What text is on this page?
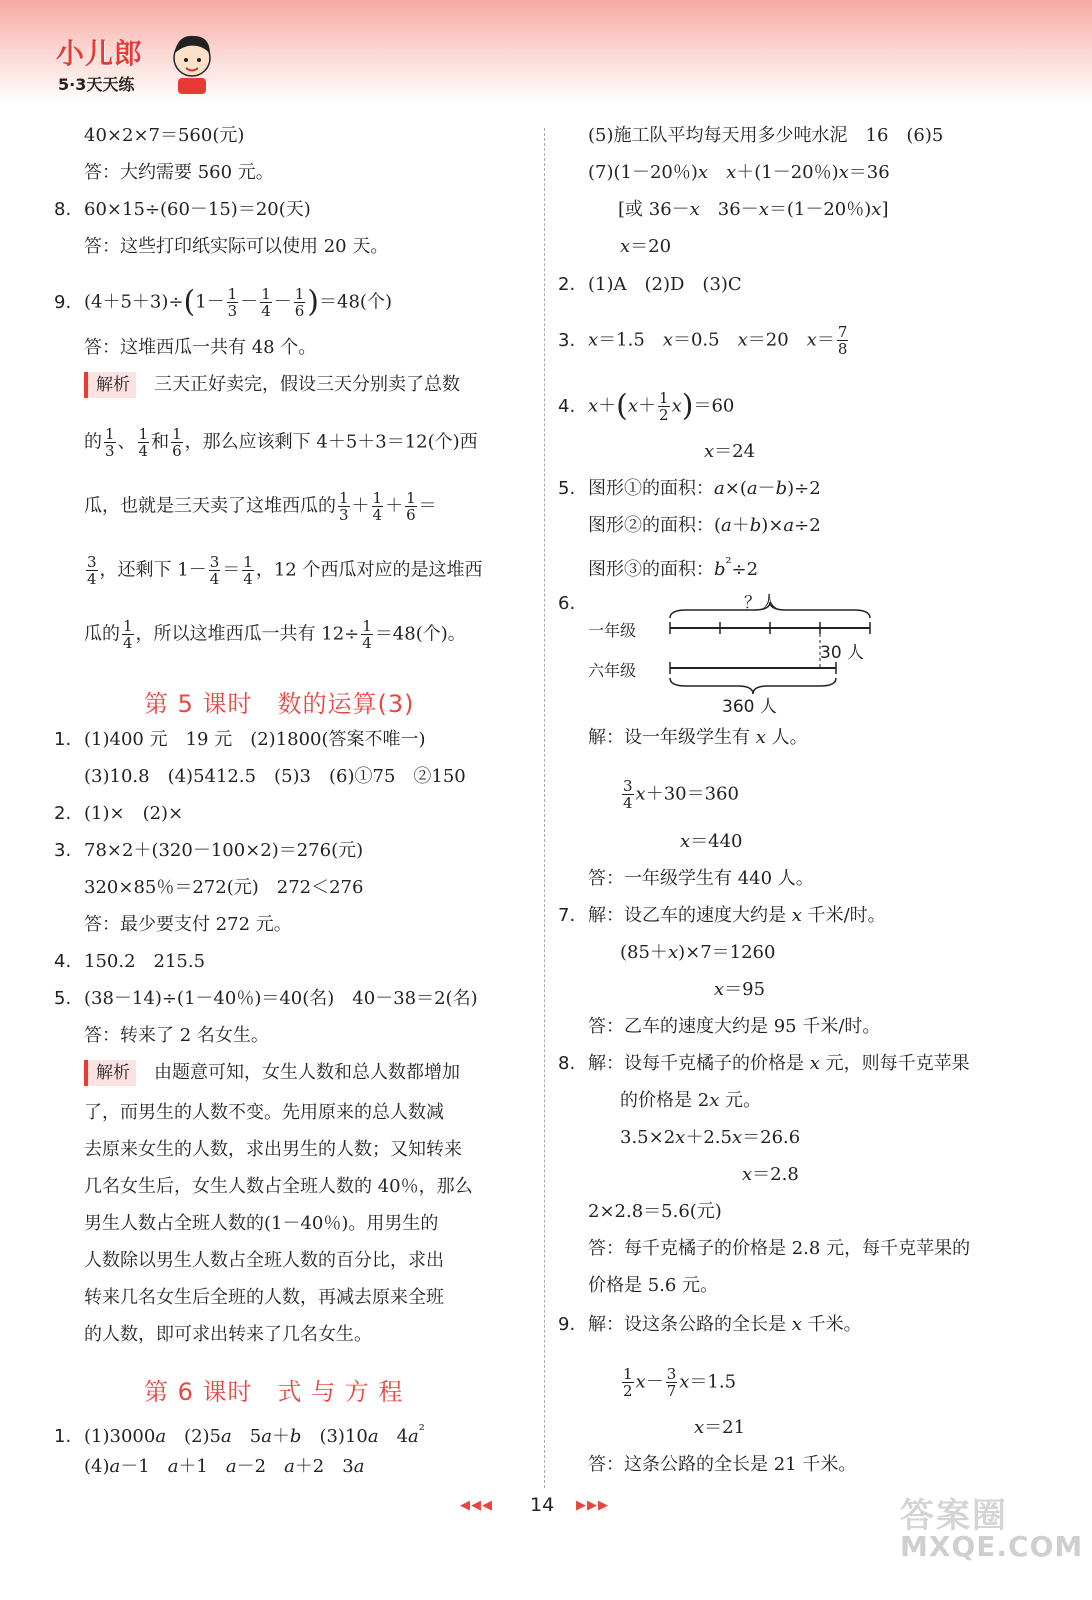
小儿郎
5·3天天练
40×2×7＝560(元)
答：大约需要 560 元。
8. 60×15÷(60－15)＝20(天)
答：这些打印纸实际可以使用 20 天。
9. $(4+5+3)\div(1- \frac{1}{3} - \frac{1}{4} - \frac{1}{6} )=48$(个)
答：这堆西瓜一共有 48 个。
解析 三天正好卖完，假设三天分别卖了总数
的 $\frac{1}{3}$ 、 $\frac{1}{4}$ 和 $\frac{1}{6}$ ，那么应该剩下 4＋5＋3＝12(个)西
瓜，也就是三天卖了这堆西瓜的 $\frac{1}{3} + \frac{1}{4} + \frac{1}{6}$ ＝
$\frac{3}{4}$ ，还剩下 $1- \frac{3}{4} = \frac{1}{4}$ ，12 个西瓜对应的是这堆西
瓜的 $\frac{1}{4}$ ，所以这堆西瓜一共有 $12\div \frac{1}{4} =48$(个)。
第 5 课时　数的运算(3)
1. (1)400 元　19 元　(2)1800(答案不唯一)
(3)10.8　(4)5412.5　(5)3　(6)①75　②150
2. (1)×　(2)×
3. 78×2＋(320－100×2)＝276(元)
320×85％＝272(元)　272＜276
答：最少要支付 272 元。
4. 150.2　215.5
5. (38－14)÷(1－40％)＝40(名)　40－38＝2(名)
答：转来了 2 名女生。
解析 由题意可知，女生人数和总人数都增加
了，而男生的人数不变。先用原来的总人数减
去原来女生的人数，求出男生的人数；又知转来
几名女生后，女生人数占全班人数的 40％，那么
男生人数占全班人数的(1－40％)。用男生的
人数除以男生人数占全班人数的百分比，求出
转来几名女生后全班的人数，再减去原来全班
的人数，即可求出转来了几名女生。
第 6 课时　式 与 方 程
1. (1)3000a　(2)5a　5a＋b　(3)10a　$4a^{^2}$
(4)a－1　a＋1　a－2　a＋2　3a
(5)施工队平均每天用多少吨水泥　16　(6)5
(7)(1－20％)x　 x＋(1－20％)x＝36
[或 36－x　36－x＝(1－20％)x]
x＝20
2. (1)A　(2)D　(3)C
3. x＝1.5　x＝0.5　x＝20　$x= \frac{7}{8}$
4. $x+(x+ \frac{1}{2} x)=60$
x＝24
5. 图形①的面积：a×(a－b)÷2
图形②的面积：(a＋b)×a÷2
图形③的面积：$b^{^2}\div 2$
6.	？人
一年级
六年级
30 人
360 人
解：设一年级学生有 x 人。
$\frac{3}{4} x+30=360$
x＝440
答：一年级学生有 440 人。
7. 解：设乙车的速度大约是 x 千米/时。
(85＋x)×7＝1260
x＝95
答：乙车的速度大约是 95 千米/时。
8. 解：设每千克橘子的价格是 x 元，则每千克苹果
的价格是 2x 元。
3.5×2x＋2.5x＝26.6
x＝2.8
2×2.8＝5.6(元)
答：每千克橘子的价格是 2.8 元，每千克苹果的
价格是 5.6 元。
9. 解：设这条公路的全长是 x 千米。
$\frac{1}{2} x- \frac{3}{7} x=1.5$
x＝21
答：这条公路的全长是 21 千米。
◀◀◀ 14 ▶▶▶	答案圈
MXQE.COM
